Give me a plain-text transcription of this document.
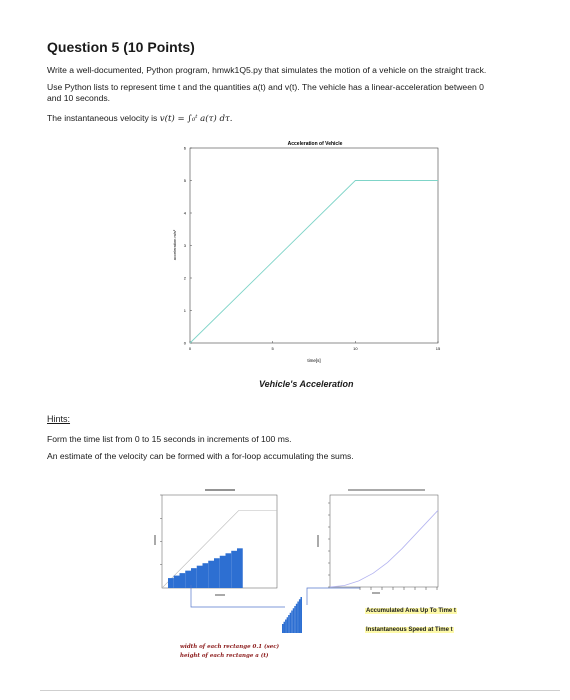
Question 5 (10 Points)
Write a well-documented, Python program, hmwk1Q5.py that simulates the motion of a vehicle on the straight track.
Use Python lists to represent time t and the quantities a(t) and v(t). The vehicle has a linear-acceleration between 0
and 10 seconds.
The instantaneous velocity is v(t) = ∫₀ᵗ a(τ) dτ.
Acceleration of Vehicle
0	5	10	15
0
1
2
3
4
5
6
time[s]
acceleration m/s²
Vehicle's Acceleration
Hints:
Form the time list from 0 to 15 seconds in increments of 100 ms.
An estimate of the velocity can be formed with a for-loop accumulating the sums.
Accumulated Area Up To Time t
Instantaneous Speed at Time t
width of each rectange 0.1 (sec)
height of each rectange a (t)
